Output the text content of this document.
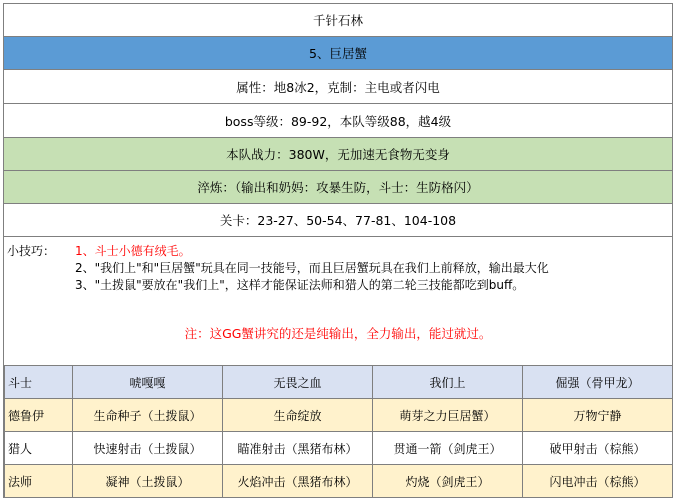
千针石林
5、巨居蟹
属性：地8冰2，克制：主电或者闪电
boss等级：89-92，本队等级88，越4级
本队战力：380W，无加速无食物无变身
淬炼：（输出和奶妈：攻暴生防，斗士：生防格闪）
关卡：23-27、50-54、77-81、104-108
小技巧： 1、斗士小德有绒毛。
2、"我们上"和"巨居蟹"玩具在同一技能号，而且巨居蟹玩具在我们上前释放，输出最大化
3、"土拨鼠"要放在"我们上"，这样才能保证法师和猎人的第二轮三技能都吃到buff。
注：这GG蟹讲究的还是纯输出，全力输出，能过就过。
斗士	唬嘎嘎	无畏之血	我们上	倔强（骨甲龙）
德鲁伊	生命种子（土拨鼠）	生命绽放	萌芽之力巨居蟹）	万物宁静
猎人	快速射击（土拨鼠）	瞄准射击（黑猪布林）	贯通一箭（剑虎王）	破甲射击（棕熊）
法师	凝神（土拨鼠）	火焰冲击（黑猪布林）	灼烧（剑虎王）	闪电冲击（棕熊）
